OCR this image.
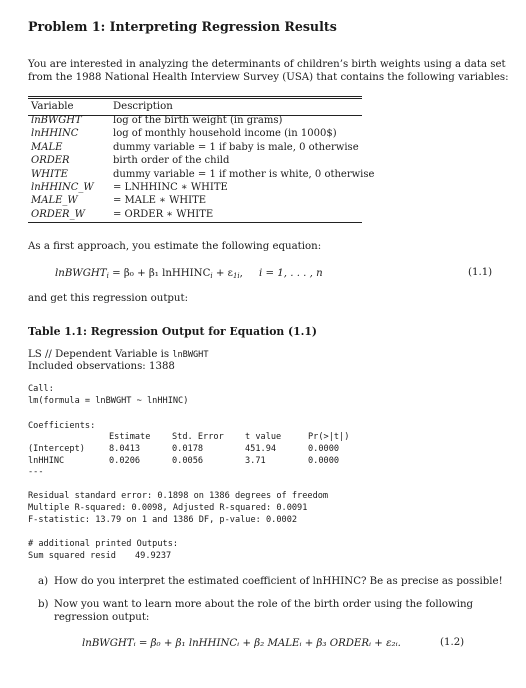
Problem 1: Interpreting Regression Results
You are interested in analyzing the determinants of children’s birth weights using a data set
from the 1988 National Health Interview Survey (USA) that contains the following variables:
Variable	Description
lnBWGHT	log of the birth weight (in grams)
lnHHINC	log of monthly household income (in 1000$)
MALE	dummy variable = 1 if baby is male, 0 otherwise
ORDER	birth order of the child
WHITE	dummy variable = 1 if mother is white, 0 otherwise
lnHHINC_W	= LNHHINC ∗ WHITE
MALE_W	= MALE ∗ WHITE
ORDER_W	= ORDER ∗ WHITE
As a first approach, you estimate the following equation:
lnBWGHT$_i$ = β₀ + β₁ lnHHINC$_i$ + $\varepsilon_{1i}$, i = 1, . . . , n	(1.1)
and get this regression output:
Table 1.1: Regression Output for Equation (1.1)
LS // Dependent Variable is lnBWGHT
Included observations: 1388
Call:
lm(formula = lnBWGHT ~ lnHHINC)
Coefficients:
Estimate	Std. Error t value	Pr(>|t|)
(Intercept)	8.0413	0.0178	451.94	0.0000
lnHHINC	0.0206	0.0056	3.71	0.0000
---
Residual standard error: 0.1898 on 1386 degrees of freedom
Multiple R-squared: 0.0098, Adjusted R-squared: 0.0091
F-statistic: 13.79 on 1 and 1386 DF, p-value: 0.0002
# additional printed Outputs:
Sum squared resid 49.9237
a) How do you interpret the estimated coefficient of lnHHINC? Be as precise as possible!
b) Now you want to learn more about the role of the birth order using the following
regression output:
lnBWGHTᵢ = β₀ + β₁ lnHHINCᵢ + β₂ MALEᵢ + β₃ ORDERᵢ + ε₂ᵢ.	(1.2)
